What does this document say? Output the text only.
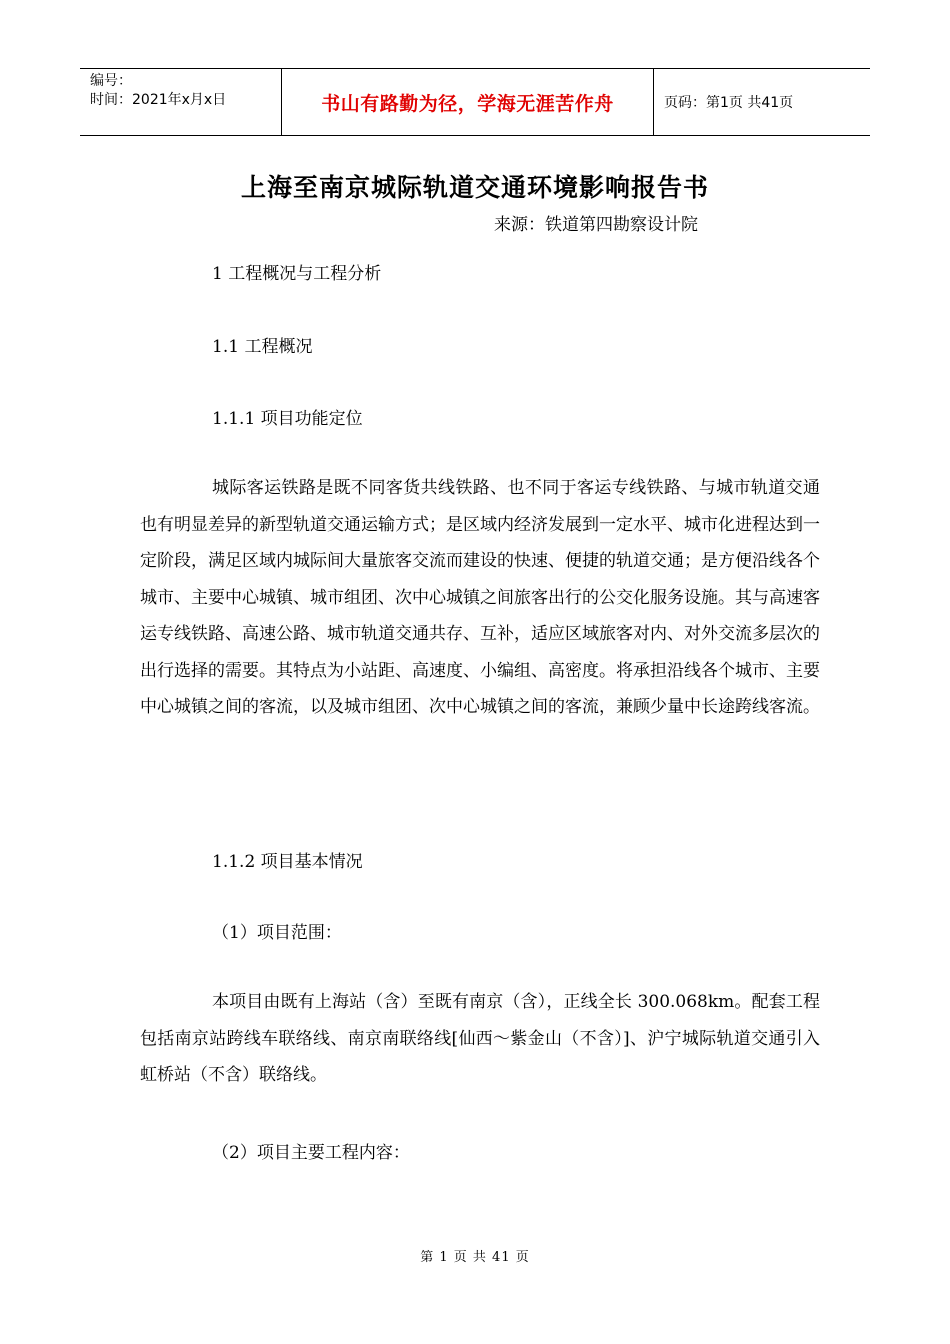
编号：
时间：2021年x月x日	书山有路勤为径，学海无涯苦作舟	页码：第1页 共41页
上海至南京城际轨道交通环境影响报告书
来源：铁道第四勘察设计院
1 工程概况与工程分析
1.1 工程概况
1.1.1 项目功能定位
城际客运铁路是既不同客货共线铁路、也不同于客运专线铁路、与城市轨道交通也有明显差异的新型轨道交通运输方式；是区域内经济发展到一定水平、城市化进程达到一定阶段，满足区域内城际间大量旅客交流而建设的快速、便捷的轨道交通；是方便沿线各个城市、主要中心城镇、城市组团、次中心城镇之间旅客出行的公交化服务设施。其与高速客运专线铁路、高速公路、城市轨道交通共存、互补，适应区域旅客对内、对外交流多层次的出行选择的需要。其特点为小站距、高速度、小编组、高密度。将承担沿线各个城市、主要中心城镇之间的客流，以及城市组团、次中心城镇之间的客流，兼顾少量中长途跨线客流。
1.1.2 项目基本情况
（1）项目范围：
本项目由既有上海站（含）至既有南京（含），正线全长 300.068km。配套工程包括南京站跨线车联络线、南京南联络线[仙西～紫金山（不含）]、沪宁城际轨道交通引入虹桥站（不含）联络线。
（2）项目主要工程内容：
第 1 页 共 41 页
